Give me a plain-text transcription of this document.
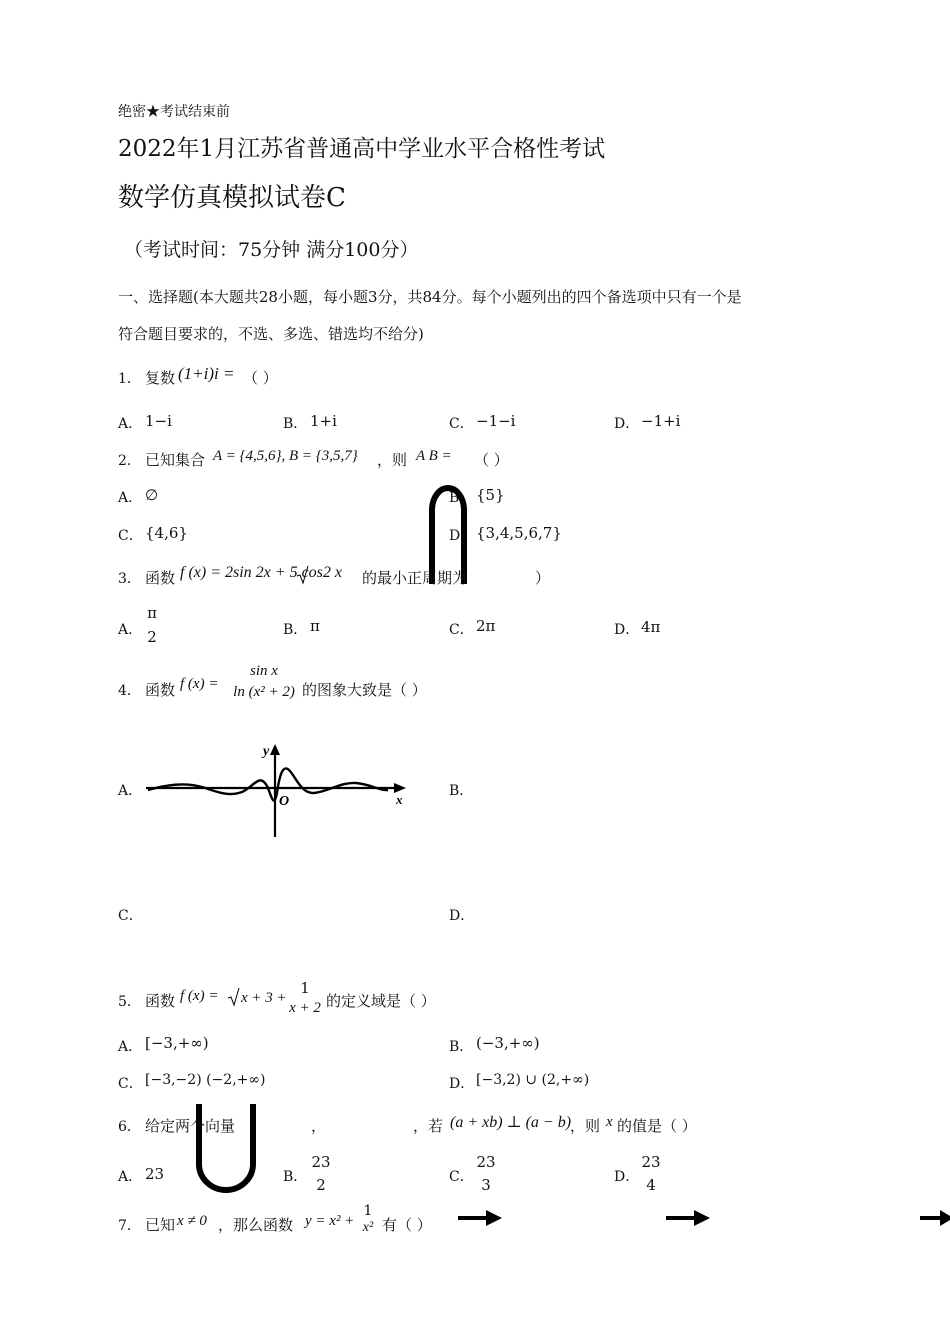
绝密★考试结束前
2022年1月江苏省普通高中学业水平合格性考试
数学仿真模拟试卷C
（考试时间：75分钟 满分100分）
一、选择题(本大题共28小题，每小题3分，共84分。每个小题列出的四个备选项中只有一个是
符合题目要求的，不选、多选、错选均不给分)
1． 复数 (1+i)i = （ ）
A． 1−i	B． 1+i	C． −1−i	D． −1+i
2． 已知集合 A = {4,5,6}, B = {3,5,7} ，则 A B = （ ）
A． ∅	B． {5}
C． {4,6}	D． {3,4,5,6,7}
3． 函数 f (x) = 2sin 2x + 5 cos2 x 的最小正周期为	）
A．
π
2	B． π	C． 2π	D． 4π
4． 函数 f (x) =
sin x
ln (x² + 2) 的图象大致是（ ）
A．
y
O	x
B．
C．	D．
5． 函数 f (x) = x + 3 +
1
x + 2 的定义域是（ ）
A． [−3,+∞)	B． (−3,+∞)
C． [−3,−2) (−2,+∞)	D． [−3,2) ∪ (2,+∞)
6． 给定两个向量	，	，若 (a + xb) ⊥ (a − b)
，则 x 的值是（ ）
A． 23	B．
23
2	C．
23
3	D．
23
4
7． 已知 x ≠ 0 ，那么函数 y = x² +
1
x² 有（ ）
